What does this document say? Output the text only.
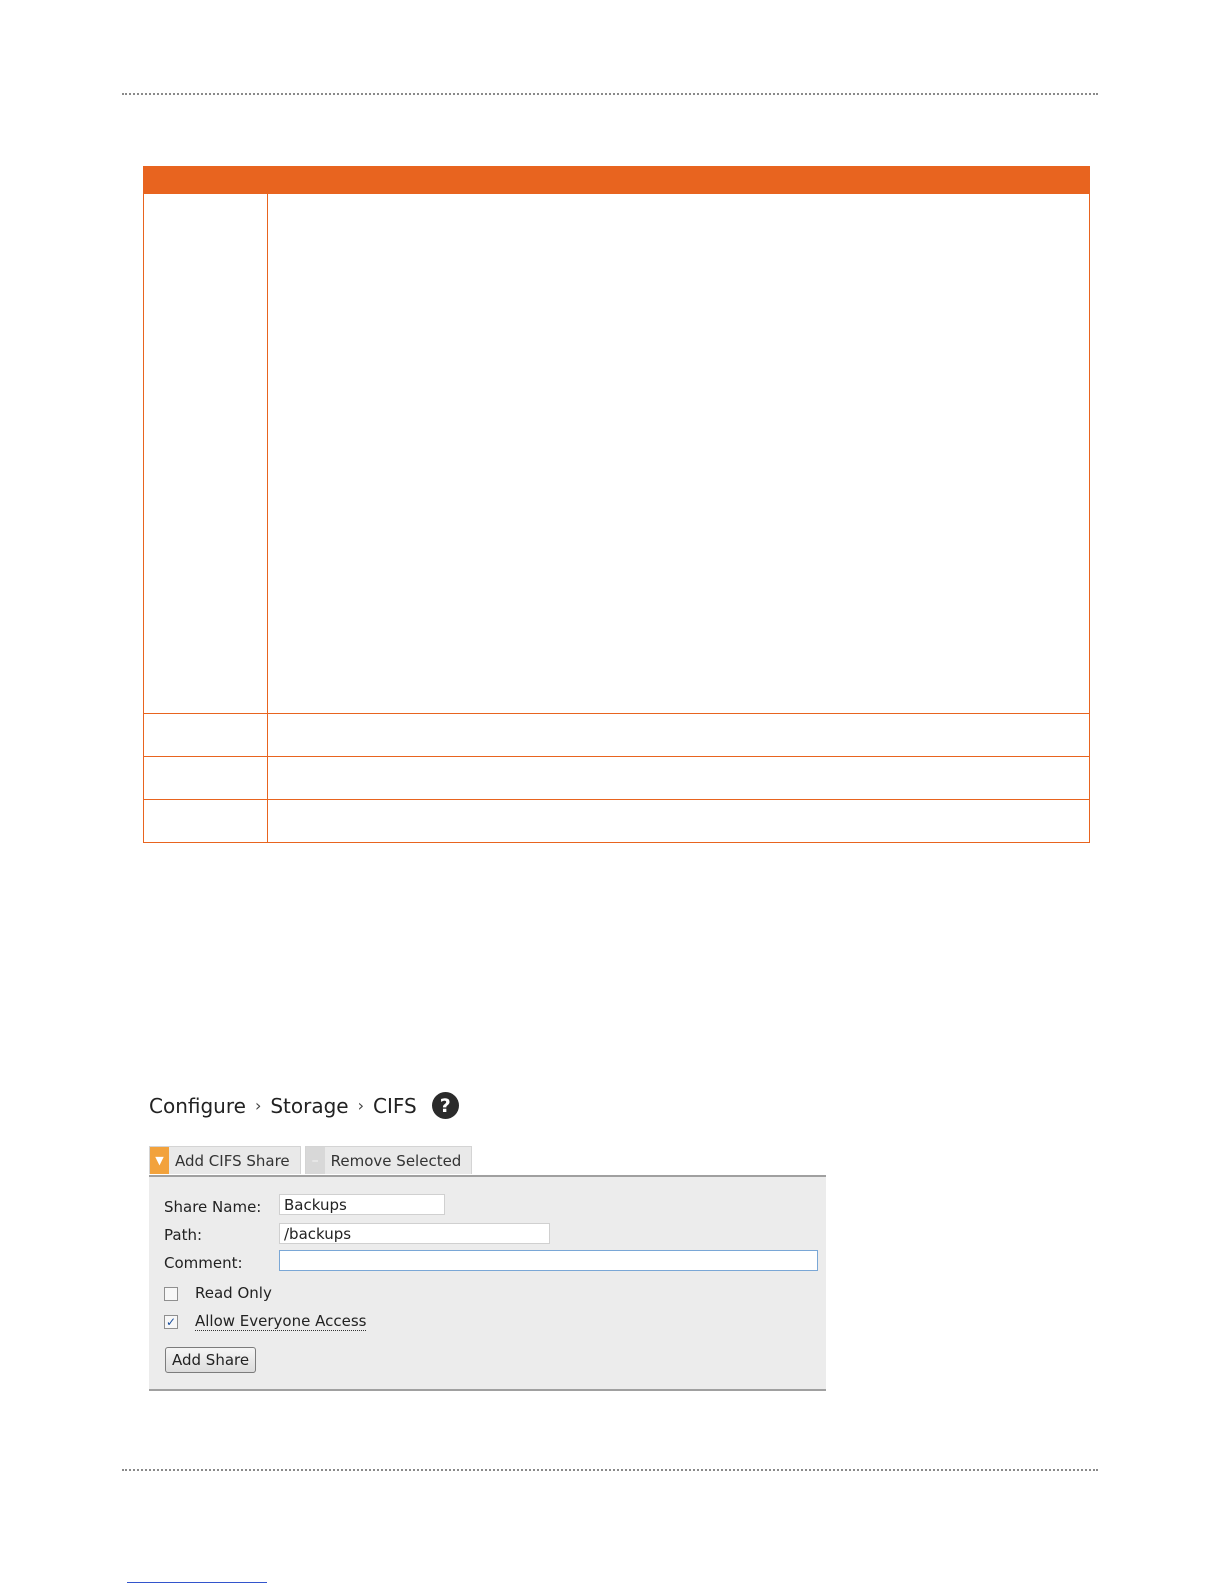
Configure › Storage › CIFS	?
▼ Add CIFS Share	– Remove Selected
Share Name:
Backups
Path:
/backups
Comment:
Read Only
✓ Allow Everyone Access
Add Share
